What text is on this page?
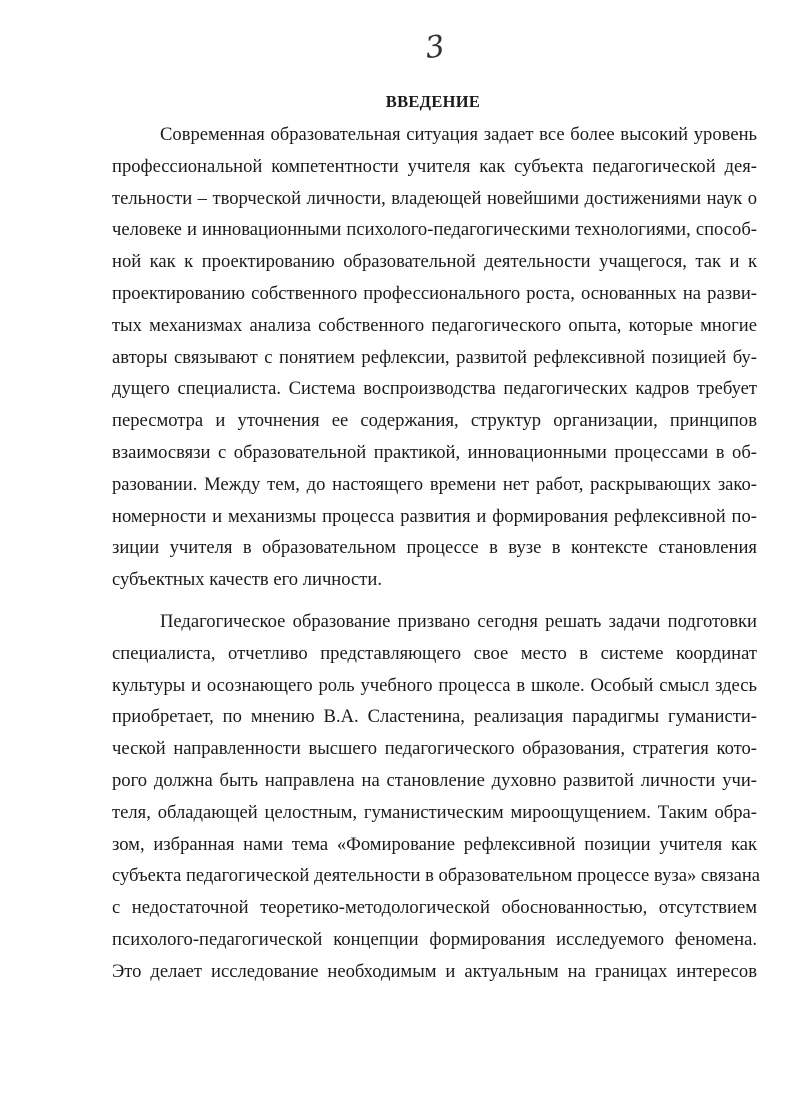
3
ВВЕДЕНИЕ
Современная образовательная ситуация задает все более высокий уровень
профессиональной компетентности учителя как субъекта педагогической дея-
тельности – творческой личности, владеющей новейшими достижениями наук о
человеке и инновационными психолого-педагогическими технологиями, способ-
ной как к проектированию образовательной деятельности учащегося, так и к
проектированию собственного профессионального роста, основанных на разви-
тых механизмах анализа собственного педагогического опыта, которые многие
авторы связывают с понятием рефлексии, развитой рефлексивной позицией бу-
дущего специалиста. Система воспроизводства педагогических кадров требует
пересмотра и уточнения ее содержания, структур организации, принципов
взаимосвязи с образовательной практикой, инновационными процессами в об-
разовании. Между тем, до настоящего времени нет работ, раскрывающих зако-
номерности и механизмы процесса развития и формирования рефлексивной по-
зиции учителя в образовательном процессе в вузе в контексте становления
субъектных качеств его личности.
Педагогическое образование призвано сегодня решать задачи подготовки
специалиста, отчетливо представляющего свое место в системе координат
культуры и осознающего роль учебного процесса в школе. Особый смысл здесь
приобретает, по мнению В.А. Сластенина, реализация парадигмы гуманисти-
ческой направленности высшего педагогического образования, стратегия кото-
рого должна быть направлена на становление духовно развитой личности учи-
теля, обладающей целостным, гуманистическим мироощущением. Таким обра-
зом, избранная нами тема «Фомирование рефлексивной позиции учителя как
субъекта педагогической деятельности в образовательном процессе вуза» связана
с недостаточной теоретико-методологической обоснованностью, отсутствием
психолого-педагогической концепции формирования исследуемого феномена.
Это делает исследование необходимым и актуальным на границах интересов
